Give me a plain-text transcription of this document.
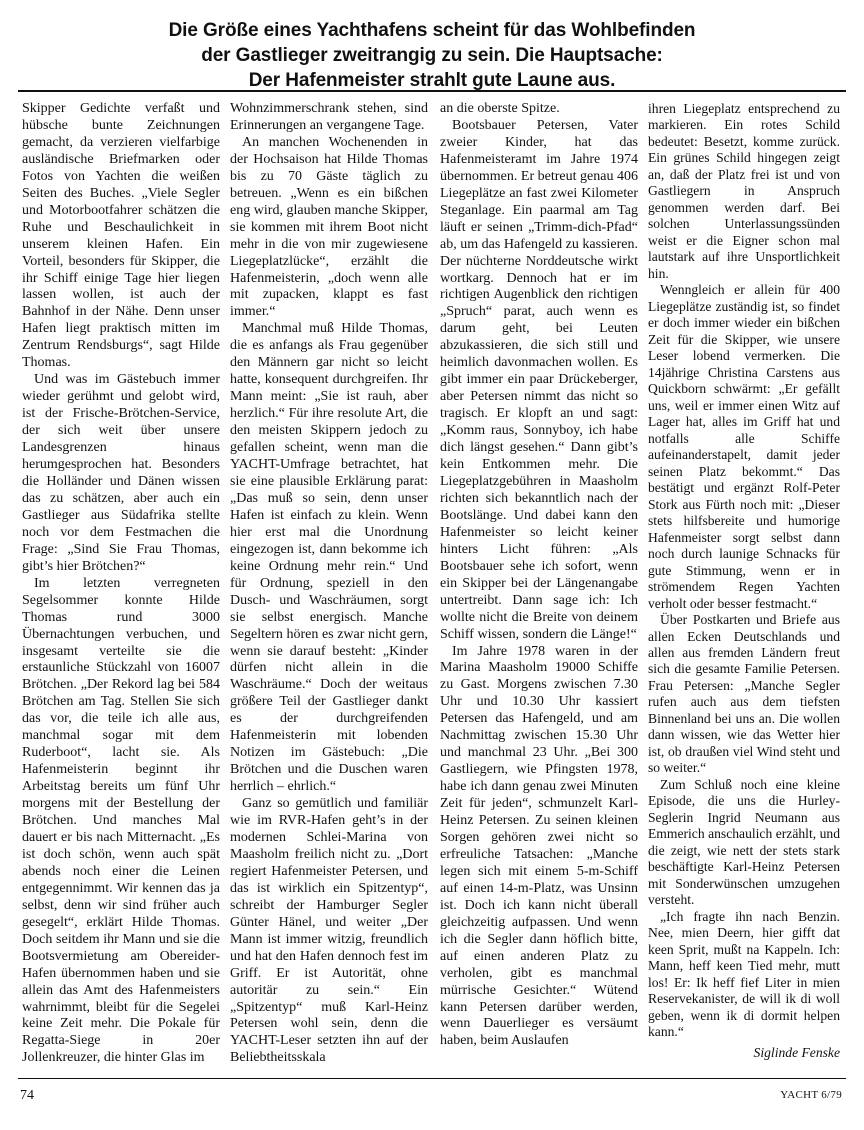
Die Größe eines Yachthafens scheint für das Wohlbefinden
der Gastlieger zweitrangig zu sein. Die Hauptsache:
Der Hafenmeister strahlt gute Laune aus.

Skipper Gedichte verfaßt und hübsche bunte Zeichnungen gemacht, da verzieren vielfarbige ausländische Briefmarken oder Fotos von Yachten die weißen Seiten des Buches. „Viele Segler und Motorbootfahrer schätzen die Ruhe und Beschaulichkeit in unserem kleinen Hafen. Ein Vorteil, besonders für Skipper, die ihr Schiff einige Tage hier liegen lassen wollen, ist auch der Bahnhof in der Nähe. Denn unser Hafen liegt praktisch mitten im Zentrum Rendsburgs“, sagt Hilde Thomas.

Und was im Gästebuch immer wieder gerühmt und gelobt wird, ist der Frische-Brötchen-Service, der sich weit über unsere Landesgrenzen hinaus herumgesprochen hat. Besonders die Holländer und Dänen wissen das zu schätzen, aber auch ein Gastlieger aus Südafrika stellte noch vor dem Festmachen die Frage: „Sind Sie Frau Thomas, gibt’s hier Brötchen?“

Im letzten verregneten Segelsommer konnte Hilde Thomas rund 3000 Übernachtungen verbuchen, und insgesamt verteilte sie die erstaunliche Stückzahl von 16007 Brötchen. „Der Rekord lag bei 584 Brötchen am Tag. Stellen Sie sich das vor, die teile ich alle aus, manchmal sogar mit dem Ruderboot“, lacht sie. Als Hafenmeisterin beginnt ihr Arbeitstag bereits um fünf Uhr morgens mit der Bestellung der Brötchen. Und manches Mal dauert er bis nach Mitternacht. „Es ist doch schön, wenn auch spät abends noch einer die Leinen entgegennimmt. Wir kennen das ja selbst, denn wir sind früher auch gesegelt“, erklärt Hilde Thomas. Doch seitdem ihr Mann und sie die Bootsvermietung am Obereider-Hafen übernommen haben und sie allein das Amt des Hafenmeisters wahrnimmt, bleibt für die Segelei keine Zeit mehr. Die Pokale für Regatta-Siege in 20er Jollenkreuzer, die hinter Glas im

Wohnzimmerschrank stehen, sind Erinnerungen an vergangene Tage.

An manchen Wochenenden in der Hochsaison hat Hilde Thomas bis zu 70 Gäste täglich zu betreuen. „Wenn es ein bißchen eng wird, glauben manche Skipper, sie kommen mit ihrem Boot nicht mehr in die von mir zugewiesene Liegeplatzlücke“, erzählt die Hafenmeisterin, „doch wenn alle mit zupacken, klappt es fast immer.“

Manchmal muß Hilde Thomas, die es anfangs als Frau gegenüber den Männern gar nicht so leicht hatte, konsequent durchgreifen. Ihr Mann meint: „Sie ist rauh, aber herzlich.“ Für ihre resolute Art, die den meisten Skippern jedoch zu gefallen scheint, wenn man die YACHT-Umfrage betrachtet, hat sie eine plausible Erklärung parat: „Das muß so sein, denn unser Hafen ist einfach zu klein. Wenn hier erst mal die Unordnung eingezogen ist, dann bekomme ich keine Ordnung mehr rein.“ Und für Ordnung, speziell in den Dusch- und Waschräumen, sorgt sie selbst energisch. Manche Segeltern hören es zwar nicht gern, wenn sie darauf besteht: „Kinder dürfen nicht allein in die Waschräume.“ Doch der weitaus größere Teil der Gastlieger dankt es der durchgreifenden Hafenmeisterin mit lobenden Notizen im Gästebuch: „Die Brötchen und die Duschen waren herrlich – ehrlich.“

Ganz so gemütlich und familiär wie im RVR-Hafen geht’s in der modernen Schlei-Marina von Maasholm freilich nicht zu. „Dort regiert Hafenmeister Petersen, und das ist wirklich ein Spitzentyp“, schreibt der Hamburger Segler Günter Hänel, und weiter „Der Mann ist immer witzig, freundlich und hat den Hafen dennoch fest im Griff. Er ist Autorität, ohne autoritär zu sein.“ Ein „Spitzentyp“ muß Karl-Heinz Petersen wohl sein, denn die YACHT-Leser setzten ihn auf der Beliebtheitsskala

an die oberste Spitze.

Bootsbauer Petersen, Vater zweier Kinder, hat das Hafenmeisteramt im Jahre 1974 übernommen. Er betreut genau 406 Liegeplätze an fast zwei Kilometer Steganlage. Ein paarmal am Tag läuft er seinen „Trimm-dich-Pfad“ ab, um das Hafengeld zu kassieren. Der nüchterne Norddeutsche wirkt wortkarg. Dennoch hat er im richtigen Augenblick den richtigen „Spruch“ parat, auch wenn es darum geht, bei Leuten abzukassieren, die sich still und heimlich davonmachen wollen. Es gibt immer ein paar Drückeberger, aber Petersen nimmt das nicht so tragisch. Er klopft an und sagt: „Komm raus, Sonnyboy, ich habe dich längst gesehen.“ Dann gibt’s kein Entkommen mehr. Die Liegeplatzgebühren in Maasholm richten sich bekanntlich nach der Bootslänge. Und dabei kann den Hafenmeister so leicht keiner hinters Licht führen: „Als Bootsbauer sehe ich sofort, wenn ein Skipper bei der Längenangabe untertreibt. Dann sage ich: Ich wollte nicht die Breite von deinem Schiff wissen, sondern die Länge!“

Im Jahre 1978 waren in der Marina Maasholm 19000 Schiffe zu Gast. Morgens zwischen 7.30 Uhr und 10.30 Uhr kassiert Petersen das Hafengeld, und am Nachmittag zwischen 15.30 Uhr und manchmal 23 Uhr. „Bei 300 Gastliegern, wie Pfingsten 1978, habe ich dann genau zwei Minuten Zeit für jeden“, schmunzelt Karl-Heinz Petersen. Zu seinen kleinen Sorgen gehören zwei nicht so erfreuliche Tatsachen: „Manche legen sich mit einem 5-m-Schiff auf einen 14-m-Platz, was Unsinn ist. Doch ich kann nicht überall gleichzeitig aufpassen. Und wenn ich die Segler dann höflich bitte, auf einen anderen Platz zu verholen, gibt es manchmal mürrische Gesichter.“ Wütend kann Petersen darüber werden, wenn Dauerlieger es versäumt haben, beim Auslaufen

ihren Liegeplatz entsprechend zu markieren. Ein rotes Schild bedeutet: Besetzt, komme zurück. Ein grünes Schild hingegen zeigt an, daß der Platz frei ist und von Gastliegern in Anspruch genommen werden darf. Bei solchen Unterlassungssünden weist er die Eigner schon mal lautstark auf ihre Unsportlichkeit hin.

Wenngleich er allein für 400 Liegeplätze zuständig ist, so findet er doch immer wieder ein bißchen Zeit für die Skipper, wie unsere Leser lobend vermerken. Die 14jährige Christina Carstens aus Quickborn schwärmt: „Er gefällt uns, weil er immer einen Witz auf Lager hat, alles im Griff hat und notfalls alle Schiffe aufeinanderstapelt, damit jeder seinen Platz bekommt.“ Das bestätigt und ergänzt Rolf-Peter Stork aus Fürth noch mit: „Dieser stets hilfsbereite und humorige Hafenmeister sorgt selbst dann noch durch launige Schnacks für gute Stimmung, wenn er in strömendem Regen Yachten verholt oder besser festmacht.“

Über Postkarten und Briefe aus allen Ecken Deutschlands und allen aus fremden Ländern freut sich die gesamte Familie Petersen. Frau Petersen: „Manche Segler rufen auch aus dem tiefsten Binnenland bei uns an. Die wollen dann wissen, wie das Wetter hier ist, ob draußen viel Wind steht und so weiter.“

Zum Schluß noch eine kleine Episode, die uns die Hurley-Seglerin Ingrid Neumann aus Emmerich anschaulich erzählt, und die zeigt, wie nett der stets stark beschäftigte Karl-Heinz Petersen mit Sonderwünschen umzugehen versteht.

„Ich fragte ihn nach Benzin. Nee, mien Deern, hier gifft dat keen Sprit, mußt na Kappeln. Ich: Mann, heff keen Tied mehr, mutt los! Er: Ik heff fief Liter in mien Reservekanister, de will ik di woll geben, wenn ik di dormit helpen kann.“

Siglinde Fenske

74	YACHT 6/79
